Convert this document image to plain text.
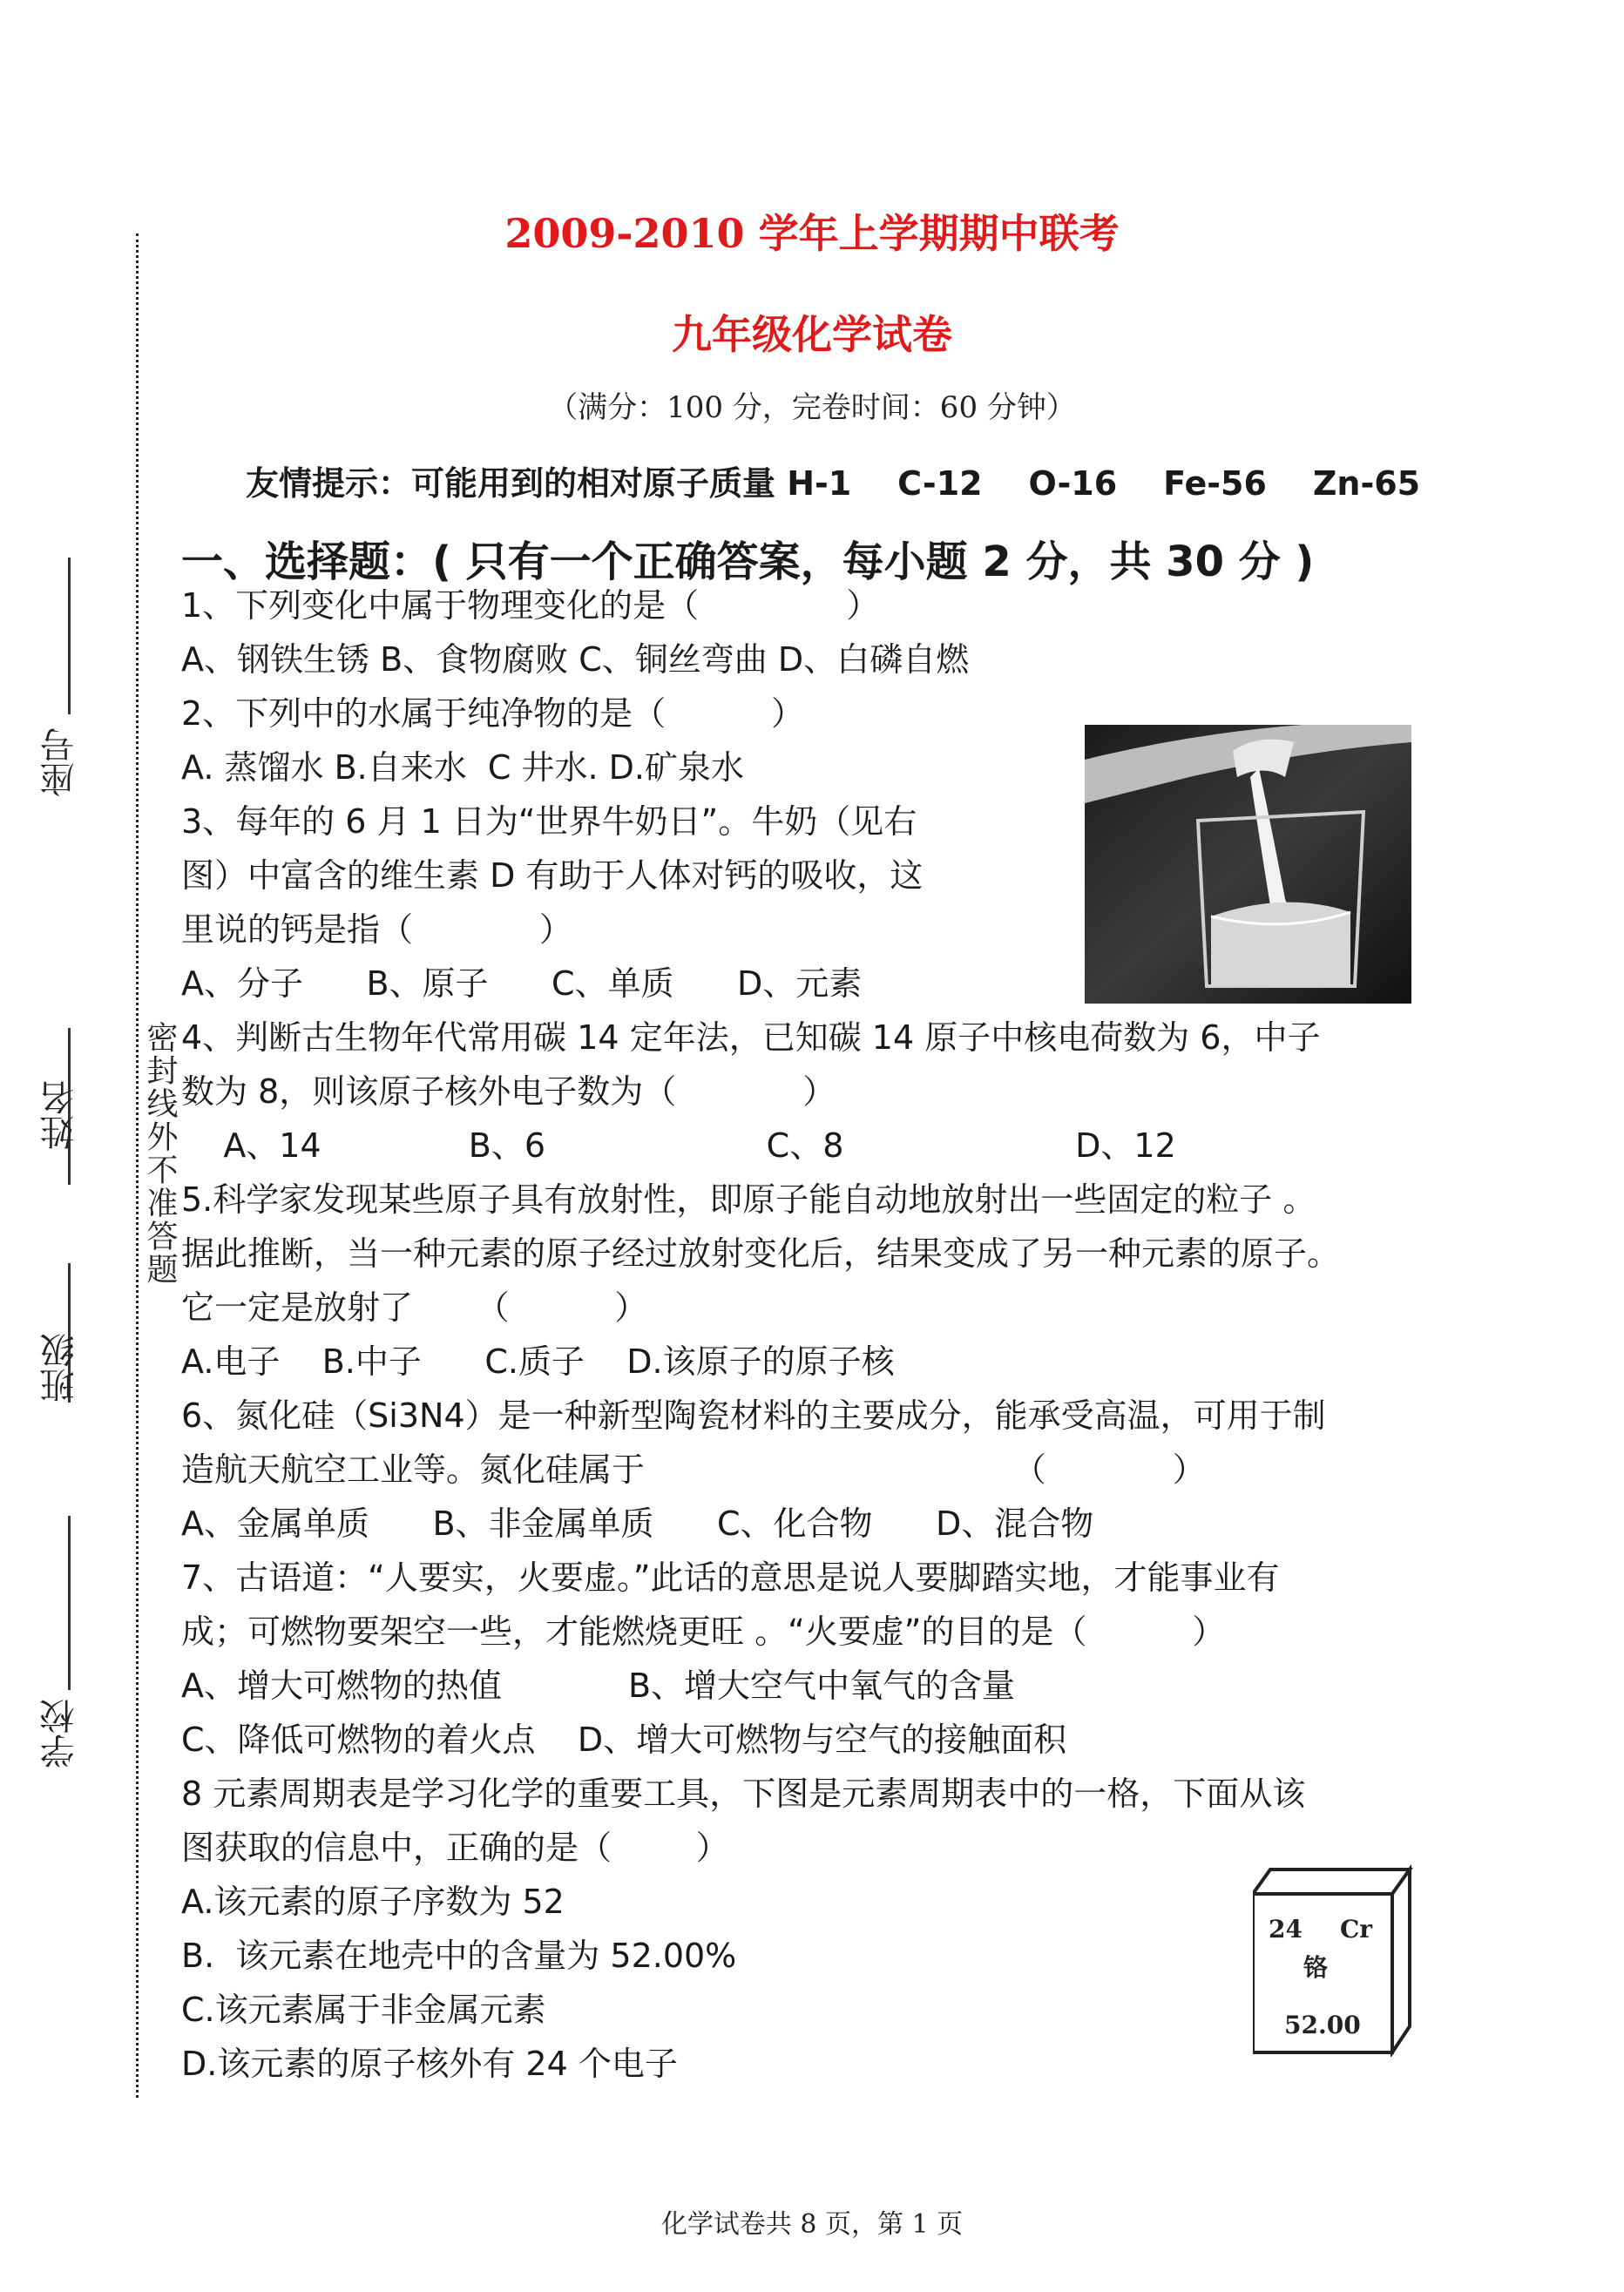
密封线外不准答题
座号
姓名
班级
学校
2009-2010 学年上学期期中联考
九年级化学试卷
（满分：100 分，完卷时间：60 分钟）
友情提示：可能用到的相对原子质量 H-1    C-12    O-16    Fe-56    Zn-65
一、选择题：( 只有一个正确答案，每小题 2 分，共 30 分 )
1、下列变化中属于物理变化的是（              ）
A、钢铁生锈 B、食物腐败 C、铜丝弯曲 D、白磷自燃
2、下列中的水属于纯净物的是（          ）
A. 蒸馏水 B.自来水  C 井水. D.矿泉水
3、每年的 6 月 1 日为“世界牛奶日”。牛奶（见右
图）中富含的维生素 D 有助于人体对钙的吸收，这
里说的钙是指（            ）
A、分子      B、原子      C、单质      D、元素
4、判断古生物年代常用碳 14 定年法，已知碳 14 原子中核电荷数为 6，中子
数为 8，则该原子核外电子数为（            ）
A、14              B、6                     C、8                      D、12
5.科学家发现某些原子具有放射性，即原子能自动地放射出一些固定的粒子 。
据此推断，当一种元素的原子经过放射变化后，结果变成了另一种元素的原子。
它一定是放射了      （          ）
A.电子    B.中子      C.质子    D.该原子的原子核
6、氮化硅（Si3N4）是一种新型陶瓷材料的主要成分，能承受高温，可用于制
造航天航空工业等。氮化硅属于                                   （            ）
A、金属单质      B、非金属单质      C、化合物      D、混合物
7、古语道：“人要实，火要虚。”此话的意思是说人要脚踏实地，才能事业有
成；可燃物要架空一些，才能燃烧更旺 。“火要虚”的目的是（          ）
A、增大可燃物的热值            B、增大空气中氧气的含量
C、降低可燃物的着火点    D、增大可燃物与空气的接触面积
8 元素周期表是学习化学的重要工具，下图是元素周期表中的一格，下面从该
图获取的信息中，正确的是（        ）
A.该元素的原子序数为 52
B.  该元素在地壳中的含量为 52.00%
C.该元素属于非金属元素
D.该元素的原子核外有 24 个电子
24 Cr
铬
52.00
化学试卷共 8 页，第 1 页
